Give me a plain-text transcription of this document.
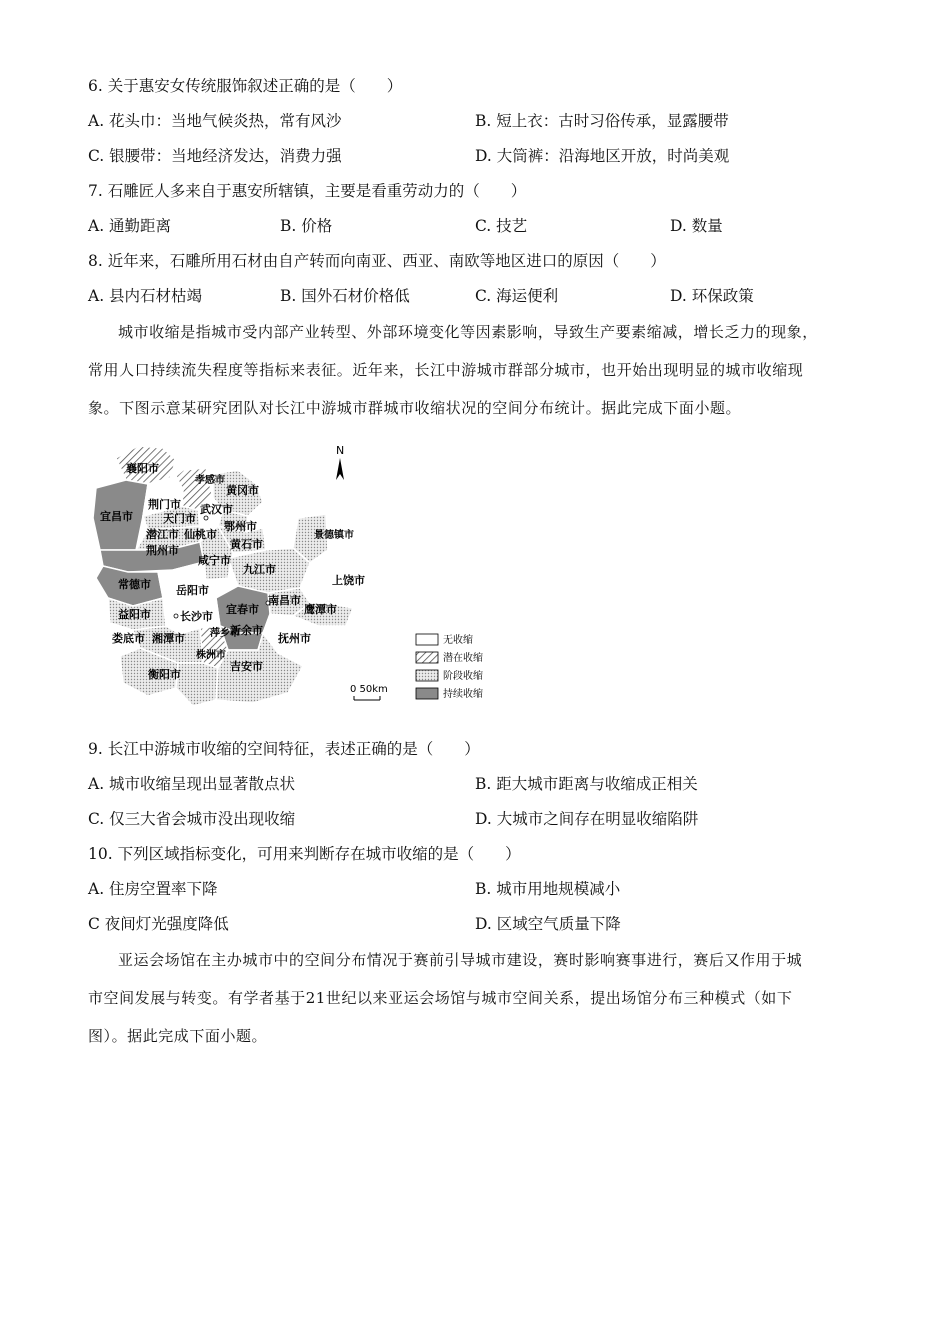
6. 关于惠安女传统服饰叙述正确的是（　　）
A. 花头巾：当地气候炎热，常有风沙	B. 短上衣：古时习俗传承，显露腰带
C. 银腰带：当地经济发达，消费力强	D. 大筒裤：沿海地区开放，时尚美观
7. 石雕匠人多来自于惠安所辖镇，主要是看重劳动力的（　　）
A. 通勤距离	B. 价格	C. 技艺	D. 数量
8. 近年来，石雕所用石材由自产转而向南亚、西亚、南欧等地区进口的原因（　　）
A. 县内石材枯竭	B. 国外石材价格低	C. 海运便利	D. 环保政策
城市收缩是指城市受内部产业转型、外部环境变化等因素影响，导致生产要素缩减，增长乏力的现象，
常用人口持续流失程度等指标来表征。近年来，长江中游城市群部分城市，也开始出现明显的城市收缩现
象。下图示意某研究团队对长江中游城市群城市收缩状况的空间分布统计。据此完成下面小题。
襄阳市
宜昌市
荆门市
孝感市
黄冈市
武汉市
天门市
鄂州市
潜江市 仙桃市
黄石市
荆州市
咸宁市
景德镇市
常德市
九江市
上饶市
岳阳市
南昌市
益阳市	宜春市	鹰潭市
长沙市
萍乡市
新余市
娄底市 湘潭市	抚州市
株洲市
衡阳市
吉安市
N
0 50km
无收缩
潜在收缩
阶段收缩
持续收缩
9. 长江中游城市收缩的空间特征，表述正确的是（　　）
A. 城市收缩呈现出显著散点状	B. 距大城市距离与收缩成正相关
C. 仅三大省会城市没出现收缩	D. 大城市之间存在明显收缩陷阱
10. 下列区域指标变化，可用来判断存在城市收缩的是（　　）
A. 住房空置率下降	B. 城市用地规模减小
C 夜间灯光强度降低	D. 区域空气质量下降
亚运会场馆在主办城市中的空间分布情况于赛前引导城市建设，赛时影响赛事进行，赛后又作用于城
市空间发展与转变。有学者基于21世纪以来亚运会场馆与城市空间关系，提出场馆分布三种模式（如下
图）。据此完成下面小题。
